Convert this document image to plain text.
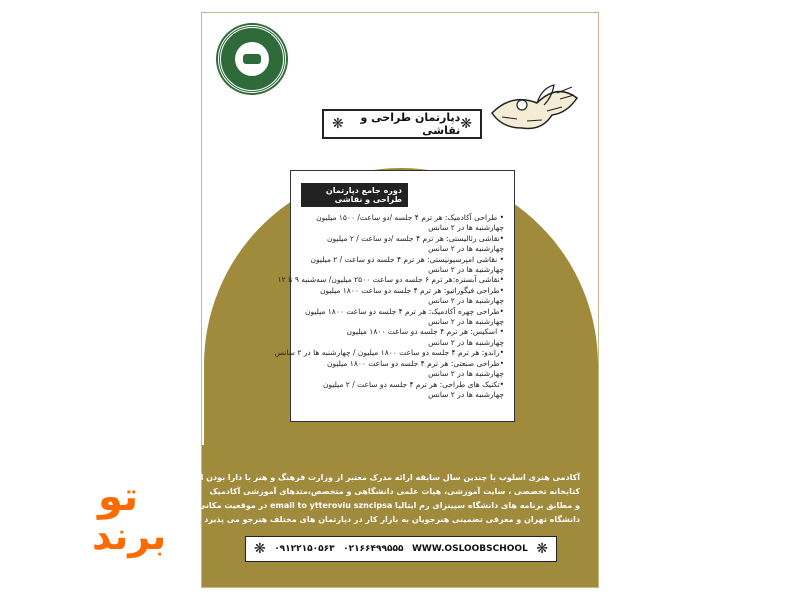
❋	دپارتمان طراحی و نقاشی ❋
دوره جامع دپارتمان طراحی و نقاشی
• طراحی آکادمیک: هر ترم ۴ جلسه /دو ساعت/ ۱۵۰۰ میلیون
چهارشنبه ها در ۲ سانس
•نقاشی رئالیستی: هر ترم ۴ جلسه /دو ساعت / ۲ میلیون
چهارشنبه ها در ۲ سانس
• نقاشی امپرسیونیستی: هر ترم ۴ جلسه دو ساعت / ۲ میلیون
چهارشنبه ها در ۲ سانس
•نقاشی آبستره:هر ترم ۶ جلسه دو ساعت ۲۵۰۰ میلیون/ سه‌شنبه ۹ تا ۱۲
•طراحی فیگوراتیو: هر ترم ۴ جلسه دو ساعت ۱۸۰۰ میلیون
چهارشنبه ها در ۲ سانس
•طراحی چهره آکادمیک: هر ترم ۴ جلسه دو ساعت ۱۸۰۰ میلیون
چهارشنبه ها در ۲ سانس
• اسکیس: هر ترم ۴ جلسه دو ساعت ۱۸۰۰ میلیون
چهارشنبه ها در ۲ سانس
•راندو: هر ترم ۴ جلسه دو ساعت ۱۸۰۰ میلیون / چهارشنبه ها در ۲ سانس
•طراحی صنعتی: هر ترم ۴ جلسه دو ساعت ۱۸۰۰ میلیون
چهارشنبه ها در ۲ سانس
•تکنیک های طراحی: هر ترم ۴ جلسه دو ساعت / ۲ میلیون
چهارشنبه ها در ۲ سانس
آکادمی هنری اسلوب با چندین سال سابقه ارائه مدرک معتبر از وزارت فرهنگ و هنر با دارا بودن امکانات
کتابخانه تخصصی ، سایت آموزشی، هیات علمی دانشگاهی و متخصص،متدهای آموزشی آکادمیک
و مطابق برنامه های دانشگاه سپینزای رم ایتالیا email to ytteroviu szncipsa در موقعیت مکانی زیبر روی
دانشگاه تهران و معرفی تضمینی هنرجویان به بازار کار در دپارتمان های مختلف هنرجو می پذیرد
❋ ۰۹۱۲۲۱۵۰۵۶۳ ۰۲۱۶۶۴۹۹۵۵۵ WWW.OSLOOBSCHOOL ❋
تو
برند
